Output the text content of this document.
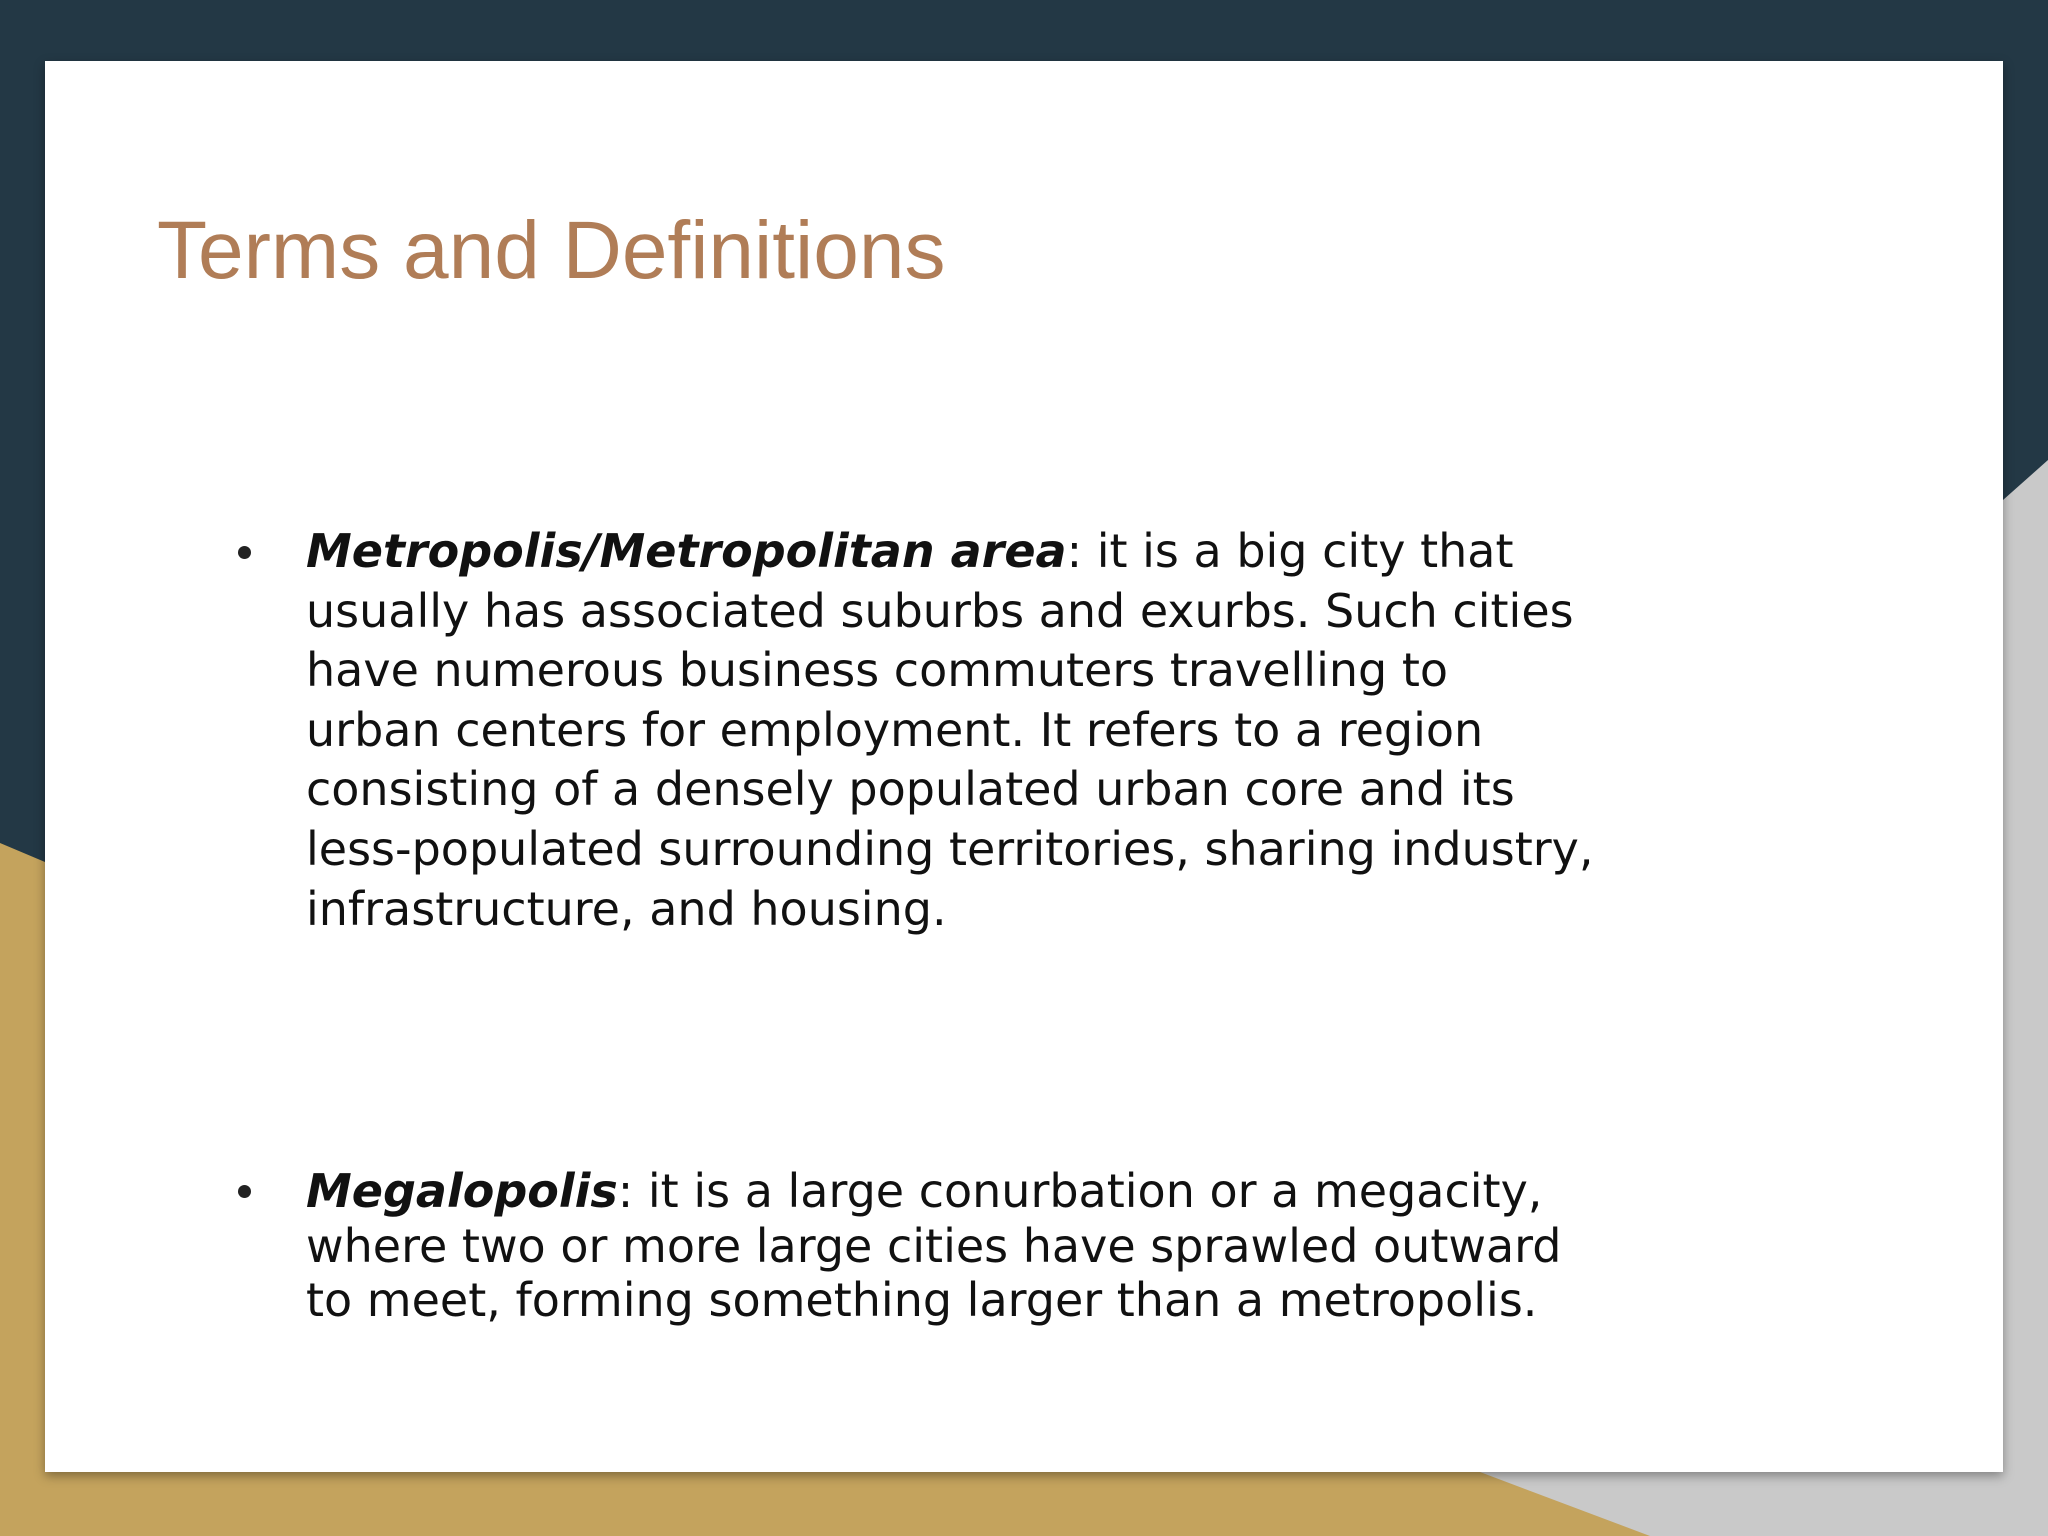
Terms and Definitions

Metropolis/Metropolitan area: it is a big city that usually has associated suburbs and exurbs. Such cities have numerous business commuters travelling to urban centers for employment. It refers to a region consisting of a densely populated urban core and its less-populated surrounding territories, sharing industry, infrastructure, and housing.

Megalopolis: it is a large conurbation or a megacity, where two or more large cities have sprawled outward to meet, forming something larger than a metropolis.
